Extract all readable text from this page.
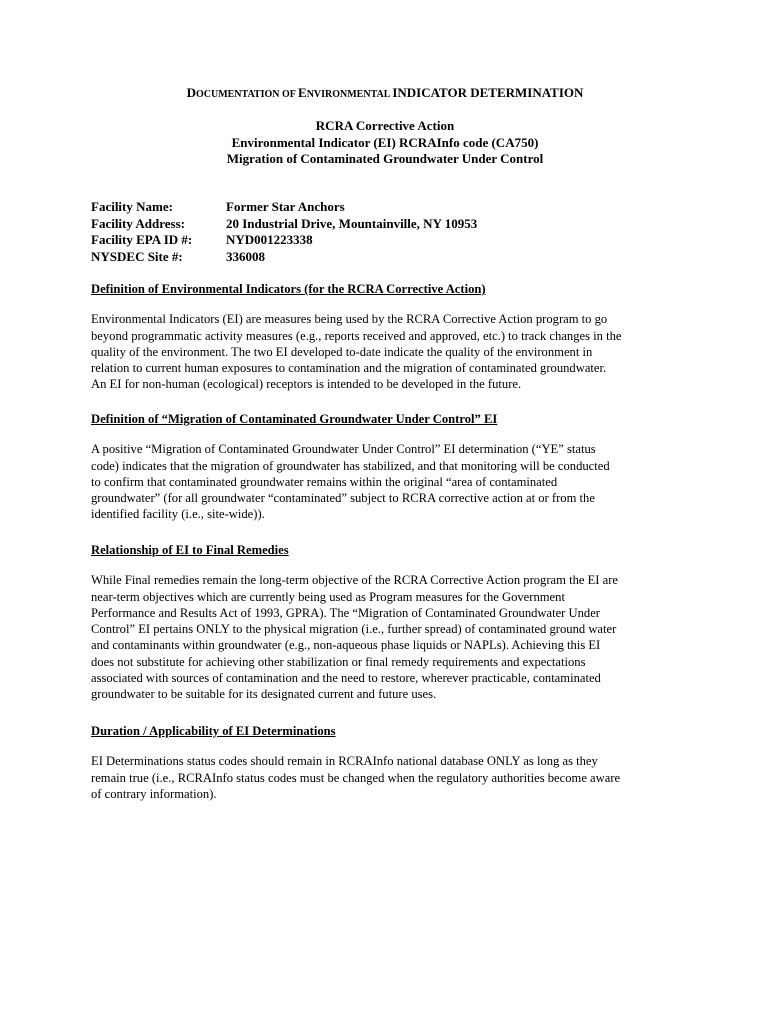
DOCUMENTATION OF ENVIRONMENTAL INDICATOR DETERMINATION
RCRA Corrective Action
Environmental Indicator (EI) RCRAInfo code (CA750)
Migration of Contaminated Groundwater Under Control
Facility Name:	Former Star Anchors
Facility Address:	20 Industrial Drive, Mountainville, NY 10953
Facility EPA ID #:	NYD001223338
NYSDEC Site #:	336008
Definition of Environmental Indicators (for the RCRA Corrective Action)
Environmental Indicators (EI) are measures being used by the RCRA Corrective Action program to go
beyond programmatic activity measures (e.g., reports received and approved, etc.) to track changes in the
quality of the environment. The two EI developed to-date indicate the quality of the environment in
relation to current human exposures to contamination and the migration of contaminated groundwater.
An EI for non-human (ecological) receptors is intended to be developed in the future.
Definition of “Migration of Contaminated Groundwater Under Control” EI
A positive “Migration of Contaminated Groundwater Under Control” EI determination (“YE” status
code) indicates that the migration of groundwater has stabilized, and that monitoring will be conducted
to confirm that contaminated groundwater remains within the original “area of contaminated
groundwater” (for all groundwater “contaminated” subject to RCRA corrective action at or from the
identified facility (i.e., site-wide)).
Relationship of EI to Final Remedies
While Final remedies remain the long-term objective of the RCRA Corrective Action program the EI are
near-term objectives which are currently being used as Program measures for the Government
Performance and Results Act of 1993, GPRA). The “Migration of Contaminated Groundwater Under
Control” EI pertains ONLY to the physical migration (i.e., further spread) of contaminated ground water
and contaminants within groundwater (e.g., non-aqueous phase liquids or NAPLs). Achieving this EI
does not substitute for achieving other stabilization or final remedy requirements and expectations
associated with sources of contamination and the need to restore, wherever practicable, contaminated
groundwater to be suitable for its designated current and future uses.
Duration / Applicability of EI Determinations
EI Determinations status codes should remain in RCRAInfo national database ONLY as long as they
remain true (i.e., RCRAInfo status codes must be changed when the regulatory authorities become aware
of contrary information).
